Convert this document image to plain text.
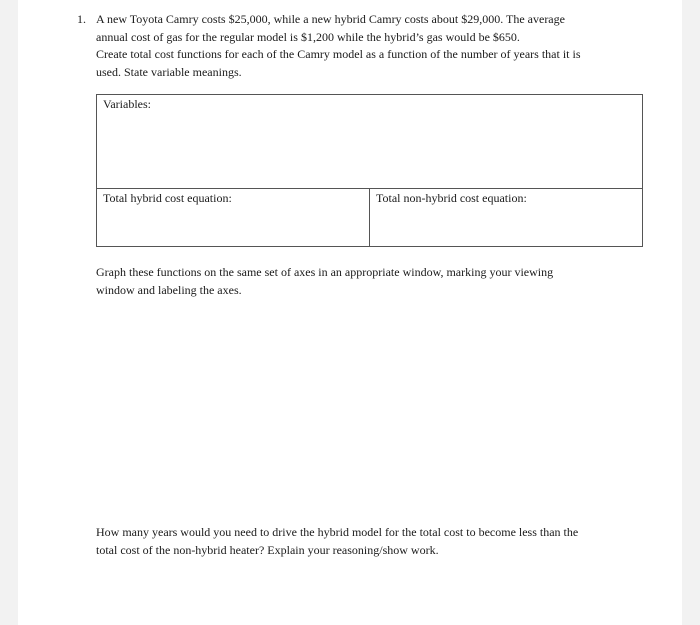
1. A new Toyota Camry costs $25,000, while a new hybrid Camry costs about $29,000. The average
annual cost of gas for the regular model is $1,200 while the hybrid’s gas would be $650.
Create total cost functions for each of the Camry model as a function of the number of years that it is
used. State variable meanings.
Variables:
Total hybrid cost equation:	Total non-hybrid cost equation:
Graph these functions on the same set of axes in an appropriate window, marking your viewing
window and labeling the axes.
How many years would you need to drive the hybrid model for the total cost to become less than the
total cost of the non-hybrid heater? Explain your reasoning/show work.
